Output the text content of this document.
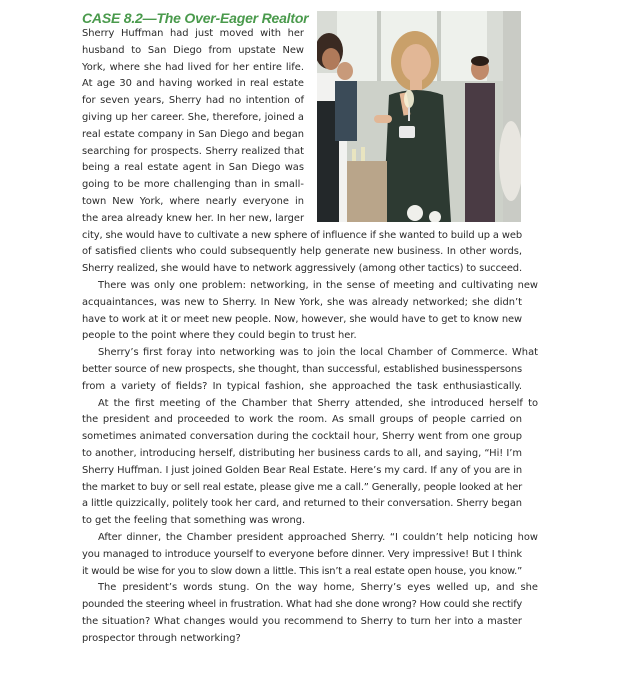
CASE 8.2—The Over-Eager Realtor
Sherry Huffman had just moved with her
husband to San Diego from upstate New
York, where she had lived for her entire life.
At age 30 and having worked in real estate
for seven years, Sherry had no intention of
giving up her career. She, therefore, joined a
real estate company in San Diego and began
searching for prospects. Sherry realized that
being a real estate agent in San Diego was
going to be more challenging than in small-
town New York, where nearly everyone in
the area already knew her. In her new, larger
city, she would have to cultivate a new sphere of influence if she wanted to build up a web
of satisfied clients who could subsequently help generate new business. In other words,
Sherry realized, she would have to network aggressively (among other tactics) to succeed.
There was only one problem: networking, in the sense of meeting and cultivating new
acquaintances, was new to Sherry. In New York, she was already networked; she didn’t
have to work at it or meet new people. Now, however, she would have to get to know new
people to the point where they could begin to trust her.
Sherry’s first foray into networking was to join the local Chamber of Commerce. What
better source of new prospects, she thought, than successful, established businesspersons
from a variety of fields? In typical fashion, she approached the task enthusiastically.
At the first meeting of the Chamber that Sherry attended, she introduced herself to
the president and proceeded to work the room. As small groups of people carried on
sometimes animated conversation during the cocktail hour, Sherry went from one group
to another, introducing herself, distributing her business cards to all, and saying, “Hi! I’m
Sherry Huffman. I just joined Golden Bear Real Estate. Here’s my card. If any of you are in
the market to buy or sell real estate, please give me a call.” Generally, people looked at her
a little quizzically, politely took her card, and returned to their conversation. Sherry began
to get the feeling that something was wrong.
After dinner, the Chamber president approached Sherry. “I couldn’t help noticing how
you managed to introduce yourself to everyone before dinner. Very impressive! But I think
it would be wise for you to slow down a little. This isn’t a real estate open house, you know.”
The president’s words stung. On the way home, Sherry’s eyes welled up, and she
pounded the steering wheel in frustration. What had she done wrong? How could she rectify
the situation? What changes would you recommend to Sherry to turn her into a master
prospector through networking?
